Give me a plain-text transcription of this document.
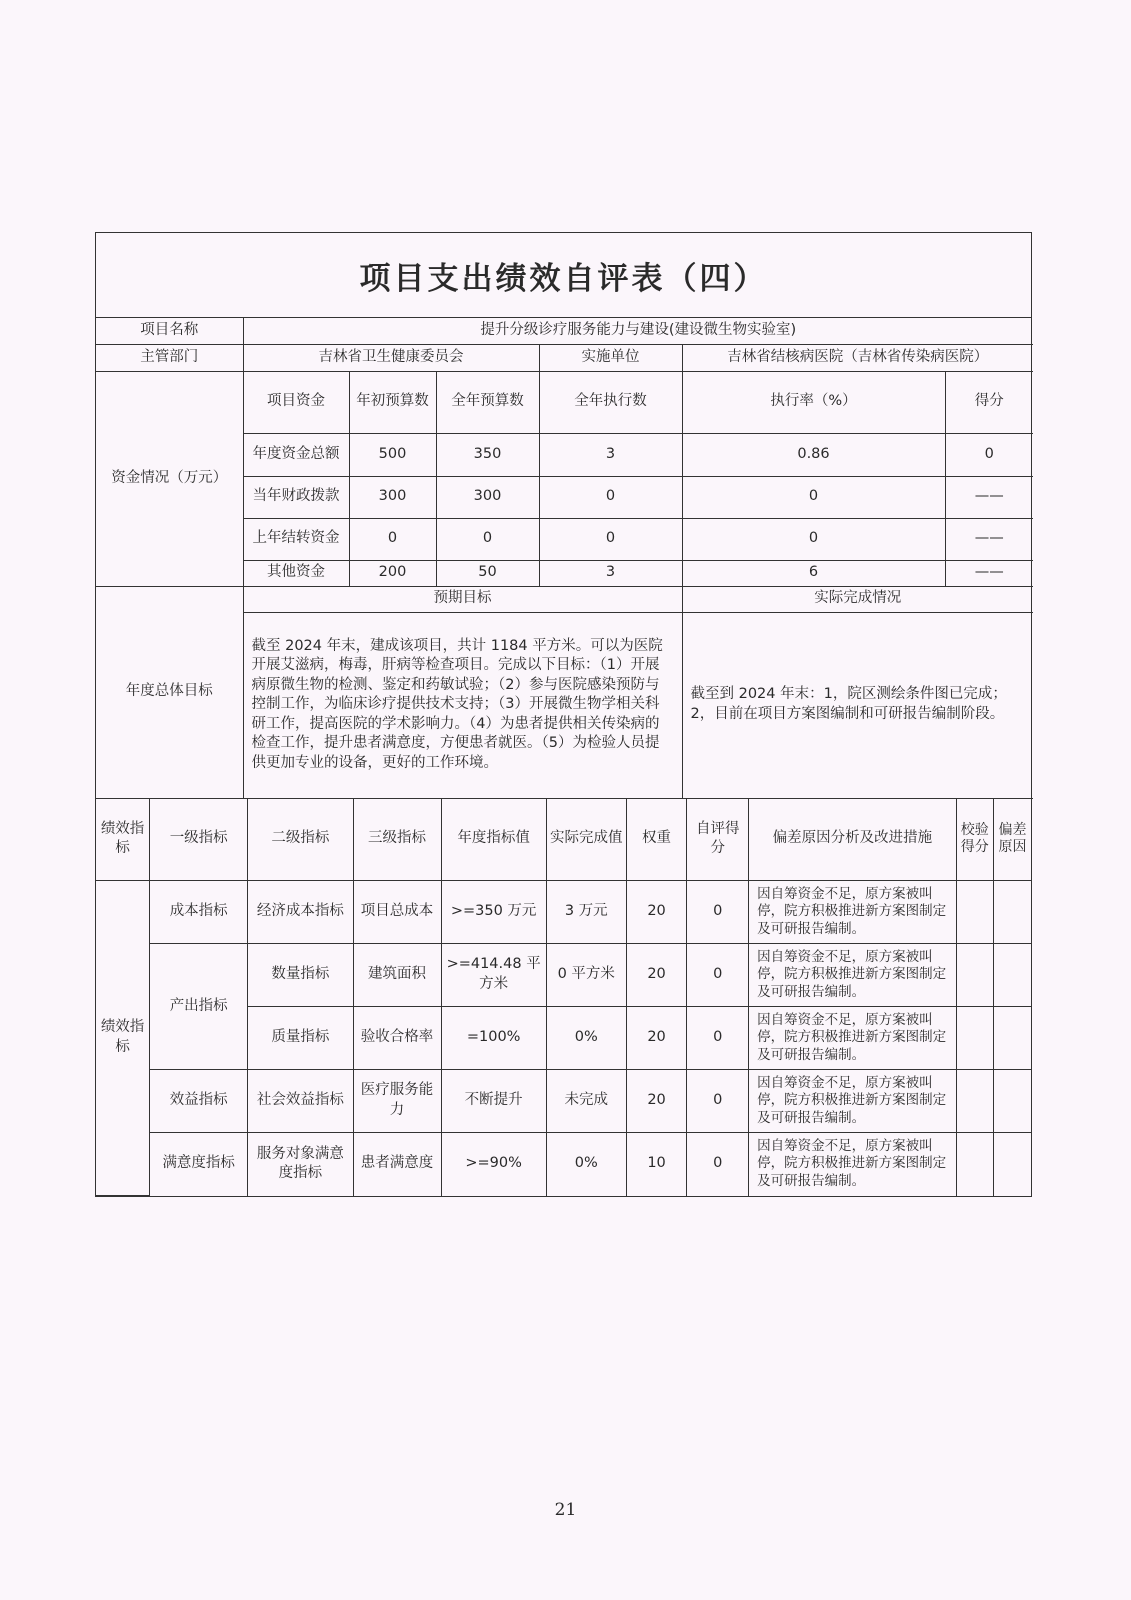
项目支出绩效自评表（四）
项目名称	提升分级诊疗服务能力与建设(建设微生物实验室)					
主管部门	吉林省卫生健康委员会			实施单位	吉林省结核病医院（吉林省传染病医院）	
资金情况（万元）	项目资金	年初预算数	全年预算数	全年执行数	执行率（%）	得分
	年度资金总额	500	350	3	0.86	0
	当年财政拨款	300	300	0	0	——
	上年结转资金	0	0	0	0	——
	其他资金	200	50	3	6	——
年度总体目标	预期目标				实际完成情况	
	截至 2024 年末，建成该项目，共计 1184 平方米。可以为医院开展艾滋病，梅毒，肝病等检查项目。完成以下目标：（1）开展病原微生物的检测、鉴定和药敏试验；（2）参与医院感染预防与控制工作，为临床诊疗提供技术支持；（3）开展微生物学相关科研工作，提高医院的学术影响力。（4）为患者提供相关传染病的检查工作，提升患者满意度，方便患者就医。（5）为检验人员提供更加专业的设备，更好的工作环境。				截至到 2024 年末：1，院区测绘条件图已完成；2，目前在项目方案图编制和可研报告编制阶段。	
绩效指标	一级指标	二级指标	三级指标	年度指标值	实际完成值	权重	自评得分	偏差原因分析及改进措施	校验得分	偏差原因
绩效指标	成本指标	经济成本指标	项目总成本	>=350 万元	3 万元	20	0	因自筹资金不足，原方案被叫停，院方积极推进新方案图制定及可研报告编制。		
	产出指标	数量指标	建筑面积	>=414.48 平方米	0 平方米	20	0	因自筹资金不足，原方案被叫停，院方积极推进新方案图制定及可研报告编制。		
		质量指标	验收合格率	=100%	0%	20	0	因自筹资金不足，原方案被叫停，院方积极推进新方案图制定及可研报告编制。		
	效益指标	社会效益指标	医疗服务能力	不断提升	未完成	20	0	因自筹资金不足，原方案被叫停，院方积极推进新方案图制定及可研报告编制。		
	满意度指标	服务对象满意度指标	患者满意度	>=90%	0%	10	0	因自筹资金不足，原方案被叫停，院方积极推进新方案图制定及可研报告编制。		
21
